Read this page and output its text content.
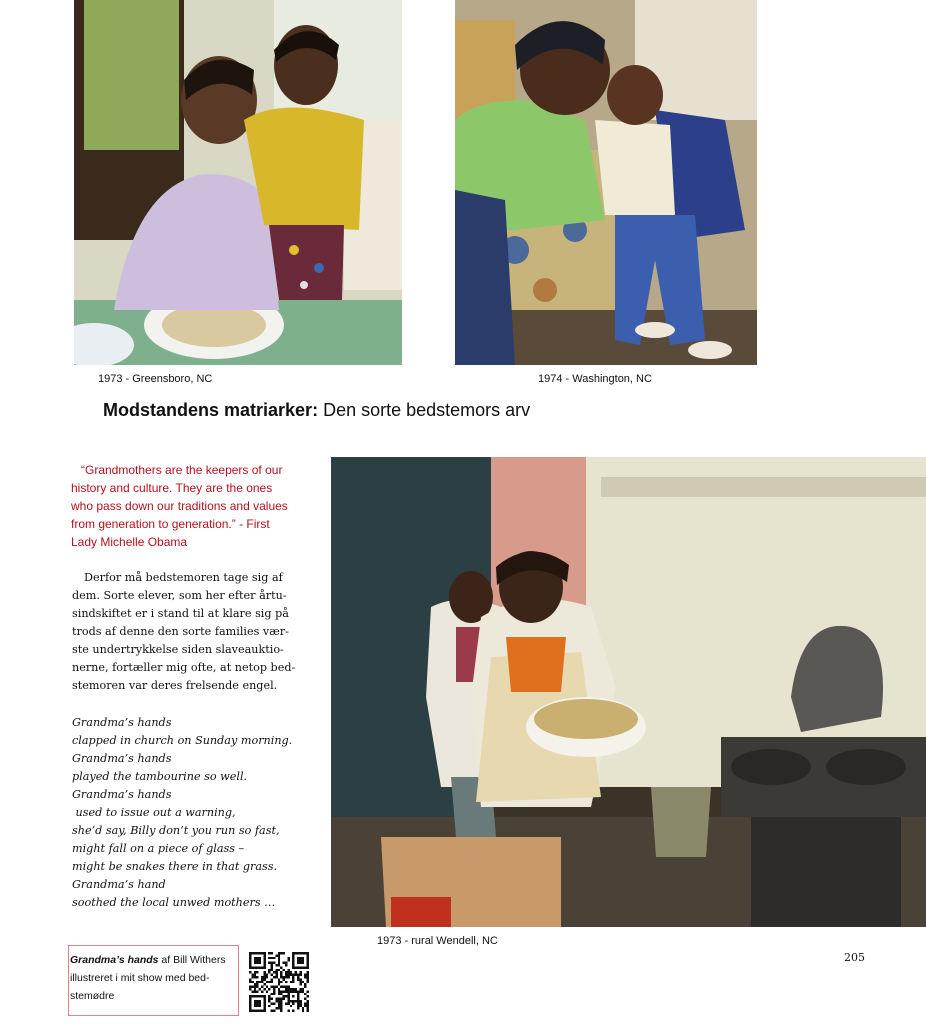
1973 - Greensboro, NC	1974 - Washington, NC
Modstandens matriarker: Den sorte bedstemors arv
“Grandmothers are the keepers of our
history and culture. They are the ones
who pass down our traditions and values
from generation to generation.” - First
Lady Michelle Obama
Derfor må bedstemoren tage sig af
dem. Sorte elever, som her efter årtu-
sindskiftet er i stand til at klare sig på
trods af denne den sorte families vær-
ste undertrykkelse siden slaveauktio-
nerne, fortæller mig ofte, at netop bed-
stemoren var deres frelsende engel.
Grandma’s hands
clapped in church on Sunday morning.
Grandma’s hands
played the tambourine so well.
Grandma’s hands
used to issue out a warning,
she’d say, Billy don’t you run so fast,
might fall on a piece of glass –
might be snakes there in that grass.
Grandma’s hand
soothed the local unwed mothers …
1973 - rural Wendell, NC
Grandma’s hands af Bill Withers
illustreret i mit show med bed-
stemødre
205
